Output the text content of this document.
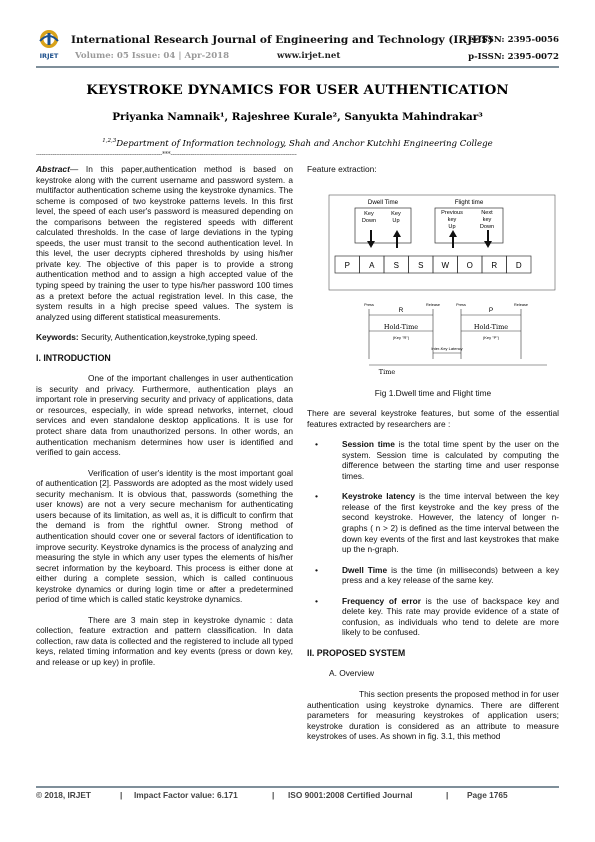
IRJET
International Research Journal of Engineering and Technology (IRJET)
Volume: 05 Issue: 04 | Apr-2018	www.irjet.net
e-ISSN: 2395-0056
p-ISSN: 2395-0072
KEYSTROKE DYNAMICS FOR USER AUTHENTICATION
Priyanka Namnaik¹, Rajeshree Kurale², Sanyukta Mahindrakar³
$^{1,2,3}$Department of Information technology, Shah and Anchor Kutchhi Engineering College
---------------------------------------------------------------------***---------------------------------------------------------------------

Abstract— In this paper,authentication method is based on keystroke along with the current username and password system. a multifactor authentication scheme using the keystroke dynamics. The scheme is composed of two keystroke patterns levels. In this first level, the speed of each user's password is measured depending on the comparisons between the registered speeds with different calculated thresholds. In the case of large deviations in the typing speeds, the user must transit to the second authentication level. In this level, the user decrypts ciphered thresholds by using his/her private key. The objective of this paper is to provide a strong authentication method and to assign a high accepted value of the typing speed by training the user to type his/her password 100 times as a pretext before the actual registration level. In this case, the system results in a high precise speed values. The system is analyzed using different statistical measurements.

Keywords: Security, Authentication,keystroke,typing speed.

I. INTRODUCTION

One of the important challenges in user authentication is security and privacy. Furthermore, authentication plays an important role in preserving security and privacy of applications, data or resources, especially, in wide spread networks, internet, cloud services and even standalone desktop applications. It is use for protect share data from unauthorized persons. In other words, an authentication mechanism determines how user is identified and verified to gain access.

Verification of user's identity is the most important goal of authentication [2]. Passwords are adopted as the most widely used security mechanism. It is obvious that, passwords (something the user knows) are not a very secure mechanism for authenticating users because of its limitation, as well as, it is difficult to confirm that the demand is from the rightful owner. Strong method of authentication should cover one or several factors of identification to improve security. Keystroke dynamics is the process of analyzing and measuring the style in which any user types the elements of his/her secret information by the keyboard. This process is either done at either during a complete session, which is called continuous keystroke dynamics or during login time or after a predetermined period of time which is called static keystroke dynamics.

There are 3 main step in keystroke dynamic : data collection, feature extraction and pattern classification. In data collection, raw data is collected and the registered to include all typed keys, related timing information and key events (press or down key, and release or up key) in profile.

Feature extraction:

Dwell Time
Key
Down
Key
Up
Flight time
Previous
key
Up
Next
key
Down
P A S S W O R D
Press	Release	Press	Release
R	P
Hold-Time	Hold-Time
(Key "R")	(Key "P")
Inter-Key Latency
Time

Fig 1.Dwell time and Flight time

There are several keystroke features, but some of the essential features extracted by researchers are :

•	Session time is the total time spent by the user on the system. Session time is calculated by computing the difference between the starting time and user response times.
•	Keystroke latency is the time interval between the key release of the first keystroke and the key press of the second keystroke. However, the latency of longer n-graphs ( n > 2) is defined as the time interval between the down key events of the first and last keystrokes that make up the n-graph.
•	Dwell Time is the time (in milliseconds) between a key press and a key release of the same key.
•	Frequency of error is the use of backspace key and delete key. This rate may provide evidence of a state of confusion, as individuals who tend to delete are more likely to be confused.
II. PROPOSED SYSTEM
A. Overview

This section presents the proposed method in for user authentication using keystroke dynamics. There are different parameters for measuring keystrokes of application users; keystroke duration is considered as an attribute to measure keystrokes of uses. As shown in fig. 3.1, this method

© 2018, IRJET	| Impact Factor value: 6.171	| ISO 9001:2008 Certified Journal	| Page 1765
